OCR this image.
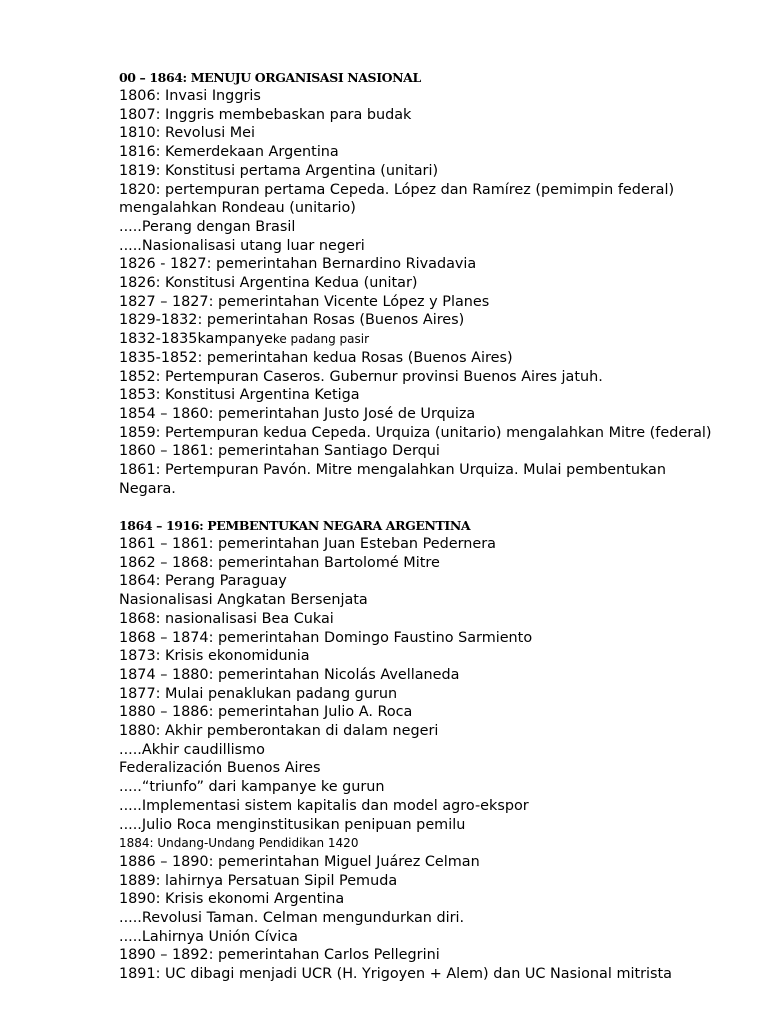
00 – 1864: MENUJU ORGANISASI NASIONAL
1806: Invasi Inggris
1807: Inggris membebaskan para budak
1810: Revolusi Mei
1816: Kemerdekaan Argentina
1819: Konstitusi pertama Argentina (unitari)
1820: pertempuran pertama Cepeda. López dan Ramírez (pemimpin federal)
mengalahkan Rondeau (unitario)
.....Perang dengan Brasil
.....Nasionalisasi utang luar negeri
1826 - 1827: pemerintahan Bernardino Rivadavia
1826: Konstitusi Argentina Kedua (unitar)
1827 – 1827: pemerintahan Vicente López y Planes
1829-1832: pemerintahan Rosas (Buenos Aires)
1832-1835kampanyeke padang pasir
1835-1852: pemerintahan kedua Rosas (Buenos Aires)
1852: Pertempuran Caseros. Gubernur provinsi Buenos Aires jatuh.
1853: Konstitusi Argentina Ketiga
1854 – 1860: pemerintahan Justo José de Urquiza
1859: Pertempuran kedua Cepeda. Urquiza (unitario) mengalahkan Mitre (federal)
1860 – 1861: pemerintahan Santiago Derqui
1861: Pertempuran Pavón. Mitre mengalahkan Urquiza. Mulai pembentukan
Negara.
1864 – 1916: PEMBENTUKAN NEGARA ARGENTINA
1861 – 1861: pemerintahan Juan Esteban Pedernera
1862 – 1868: pemerintahan Bartolomé Mitre
1864: Perang Paraguay
Nasionalisasi Angkatan Bersenjata
1868: nasionalisasi Bea Cukai
1868 – 1874: pemerintahan Domingo Faustino Sarmiento
1873: Krisis ekonomidunia
1874 – 1880: pemerintahan Nicolás Avellaneda
1877: Mulai penaklukan padang gurun
1880 – 1886: pemerintahan Julio A. Roca
1880: Akhir pemberontakan di dalam negeri
.....Akhir caudillismo
Federalización Buenos Aires
.....“triunfo” dari kampanye ke gurun
.....Implementasi sistem kapitalis dan model agro-ekspor
.....Julio Roca menginstitusikan penipuan pemilu
1884: Undang-Undang Pendidikan 1420
1886 – 1890: pemerintahan Miguel Juárez Celman
1889: lahirnya Persatuan Sipil Pemuda
1890: Krisis ekonomi Argentina
.....Revolusi Taman. Celman mengundurkan diri.
.....Lahirnya Unión Cívica
1890 – 1892: pemerintahan Carlos Pellegrini
1891: UC dibagi menjadi UCR (H. Yrigoyen + Alem) dan UC Nasional mitrista
